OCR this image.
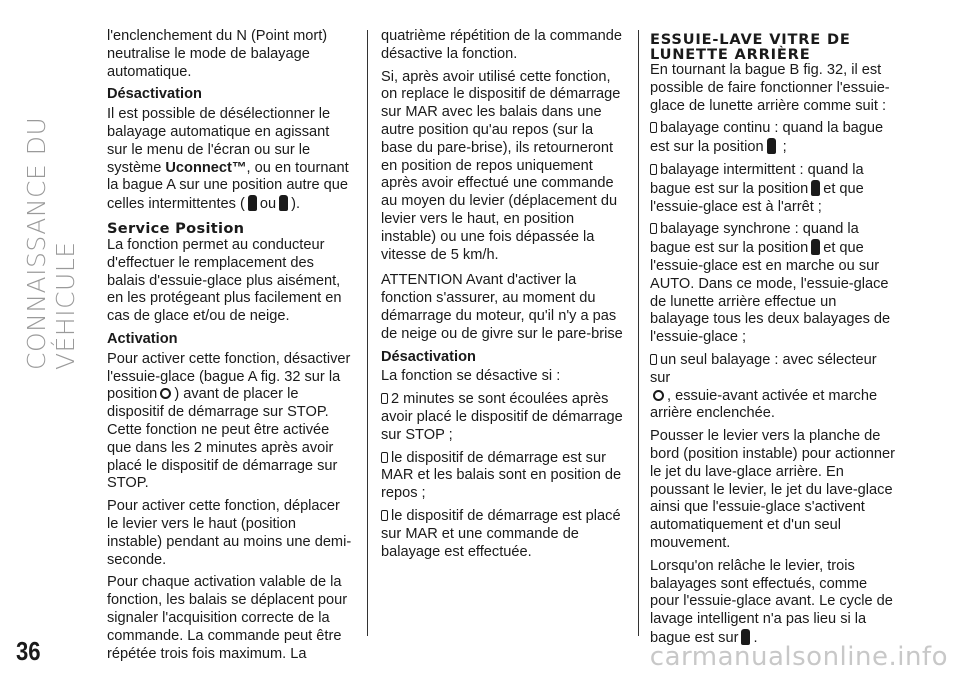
CONNAISSANCE DU VÉHICULE

l'enclenchement du N (Point mort) neutralise le mode de balayage automatique.

Désactivation

Il est possible de désélectionner le balayage automatique en agissant sur le menu de l'écran ou sur le système Uconnect™, ou en tournant la bague A sur une position autre que celles intermittentes ( ou ).

Service Position

La fonction permet au conducteur d'effectuer le remplacement des balais d'essuie-glace plus aisément, en les protégeant plus facilement en cas de glace et/ou de neige.

Activation

Pour activer cette fonction, désactiver l'essuie-glace (bague A fig. 32 sur la position ) avant de placer le dispositif de démarrage sur STOP. Cette fonction ne peut être activée que dans les 2 minutes après avoir placé le dispositif de démarrage sur STOP.

Pour activer cette fonction, déplacer le levier vers le haut (position instable) pendant au moins une demi-seconde.

Pour chaque activation valable de la fonction, les balais se déplacent pour signaler l'acquisition correcte de la commande. La commande peut être répétée trois fois maximum. La

quatrième répétition de la commande désactive la fonction.

Si, après avoir utilisé cette fonction, on replace le dispositif de démarrage sur MAR avec les balais dans une autre position qu'au repos (sur la base du pare-brise), ils retourneront en position de repos uniquement après avoir effectué une commande au moyen du levier (déplacement du levier vers le haut, en position instable) ou une fois dépassée la vitesse de 5 km/h.

ATTENTION Avant d'activer la fonction s'assurer, au moment du démarrage du moteur, qu'il n'y a pas de neige ou de givre sur le pare-brise

Désactivation

La fonction se désactive si :

2 minutes se sont écoulées après avoir placé le dispositif de démarrage sur STOP ;

le dispositif de démarrage est sur MAR et les balais sont en position de repos ;

le dispositif de démarrage est placé sur MAR et une commande de balayage est effectuée.

ESSUIE-LAVE VITRE DE LUNETTE ARRIÈRE

En tournant la bague B fig. 32, il est possible de faire fonctionner l'essuie-glace de lunette arrière comme suit :

balayage continu : quand la bague est sur la position ;

balayage intermittent : quand la bague est sur la position et que l'essuie-glace est à l'arrêt ;

balayage synchrone : quand la bague est sur la position et que l'essuie-glace est en marche ou sur AUTO. Dans ce mode, l'essuie-glace de lunette arrière effectue un balayage tous les deux balayages de l'essuie-glace ;

un seul balayage : avec sélecteur sur
, essuie-avant activée et marche arrière enclenchée.

Pousser le levier vers la planche de bord (position instable) pour actionner le jet du lave-glace arrière. En poussant le levier, le jet du lave-glace ainsi que l'essuie-glace s'activent automatiquement et d'un seul mouvement.

Lorsqu'on relâche le levier, trois balayages sont effectués, comme pour l'essuie-glace avant. Le cycle de lavage intelligent n'a pas lieu si la bague est sur .

36	carmanualsonline.info
